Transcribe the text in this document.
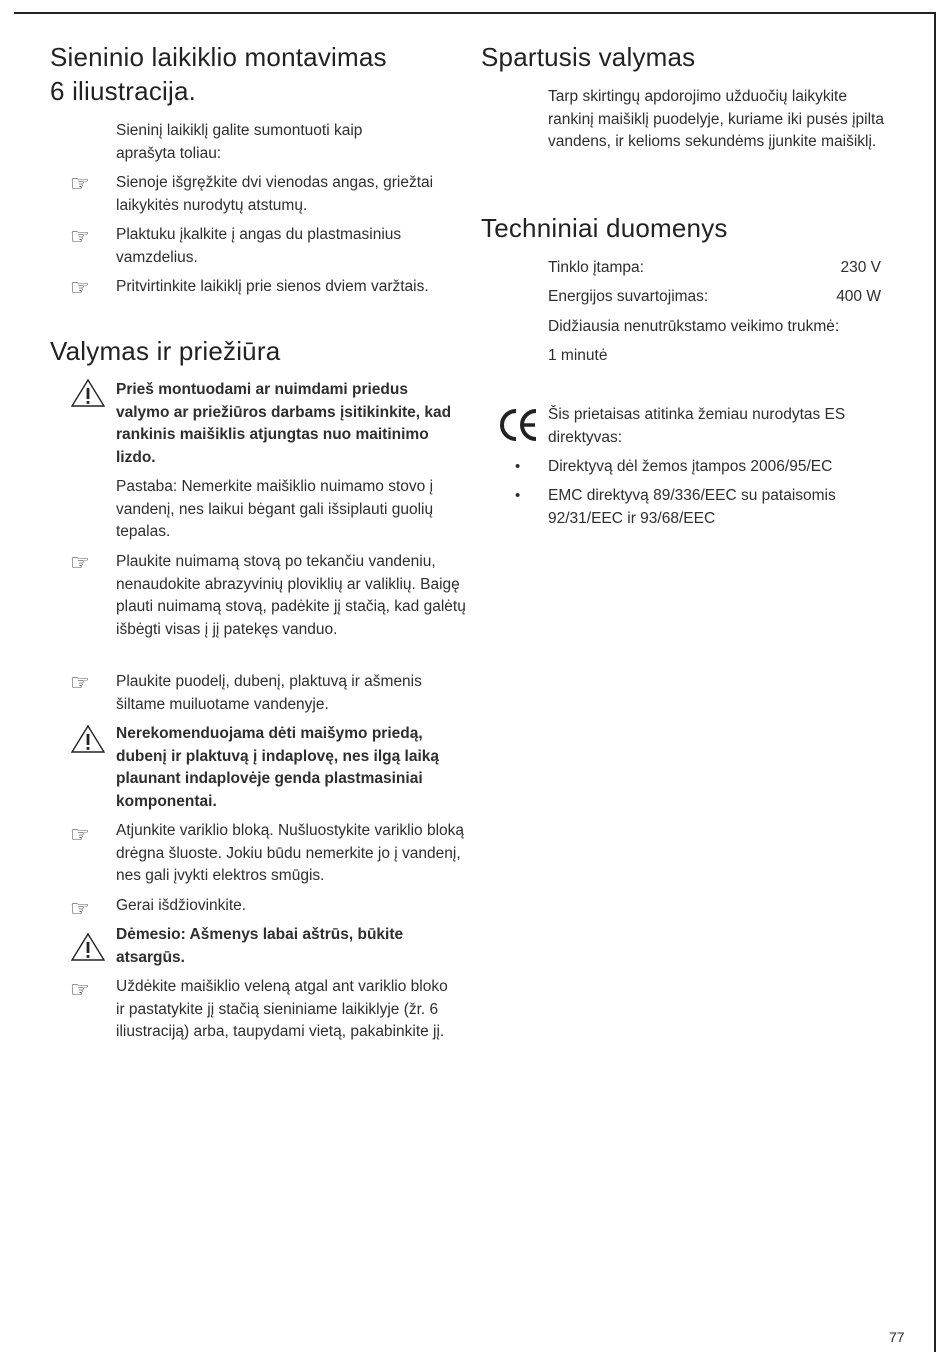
Sieninio laikiklio montavimas
6 iliustracija.

Sieninį laikiklį galite sumontuoti kaip aprašyta toliau:

☞ Sienoje išgręžkite dvi vienodas angas, griežtai laikykitės nurodytų atstumų.

☞ Plaktuku įkalkite į angas du plastmasinius vamzdelius.

☞ Pritvirtinkite laikiklį prie sienos dviem varžtais.

Valymas ir priežiūra

Prieš montuodami ar nuimdami priedus valymo ar priežiūros darbams įsitikinkite, kad rankinis maišiklis atjungtas nuo maitinimo lizdo.

Pastaba: Nemerkite maišiklio nuimamo stovo į vandenį, nes laikui bėgant gali išsiplauti guolių tepalas.

☞ Plaukite nuimamą stovą po tekančiu vandeniu, nenaudokite abrazyvinių ploviklių ar valiklių. Baigę plauti nuimamą stovą, padėkite jį stačią, kad galėtų išbėgti visas į jį patekęs vanduo.

☞ Plaukite puodelį, dubenį, plaktuvą ir ašmenis šiltame muiluotame vandenyje.

Nerekomenduojama dėti maišymo priedą, dubenį ir plaktuvą į indaplovę, nes ilgą laiką plaunant indaplovėje genda plastmasiniai komponentai.

☞ Atjunkite variklio bloką. Nušluostykite variklio bloką drėgna šluoste. Jokiu būdu nemerkite jo į vandenį, nes gali įvykti elektros smūgis.

☞ Gerai išdžiovinkite.

Dėmesio: Ašmenys labai aštrūs, būkite atsargūs.

☞ Uždėkite maišiklio veleną atgal ant variklio bloko ir pastatykite jį stačią sieniniame laikiklyje (žr. 6 iliustraciją) arba, taupydami vietą, pakabinkite jį.

Spartusis valymas

Tarp skirtingų apdorojimo užduočių laikykite rankinį maišiklį puodelyje, kuriame iki pusės įpilta vandens, ir kelioms sekundėms įjunkite maišiklį.

Techniniai duomenys
Tinklo įtampa:	230 V
Energijos suvartojimas:	400 W

Didžiausia nenutrūkstamo veikimo trukmė:

1 minutė

Šis prietaisas atitinka žemiau nurodytas ES direktyvas:

• Direktyvą dėl žemos įtampos 2006/95/EC

• EMC direktyvą 89/336/EEC su pataisomis 92/31/EEC ir 93/68/EEC

77
